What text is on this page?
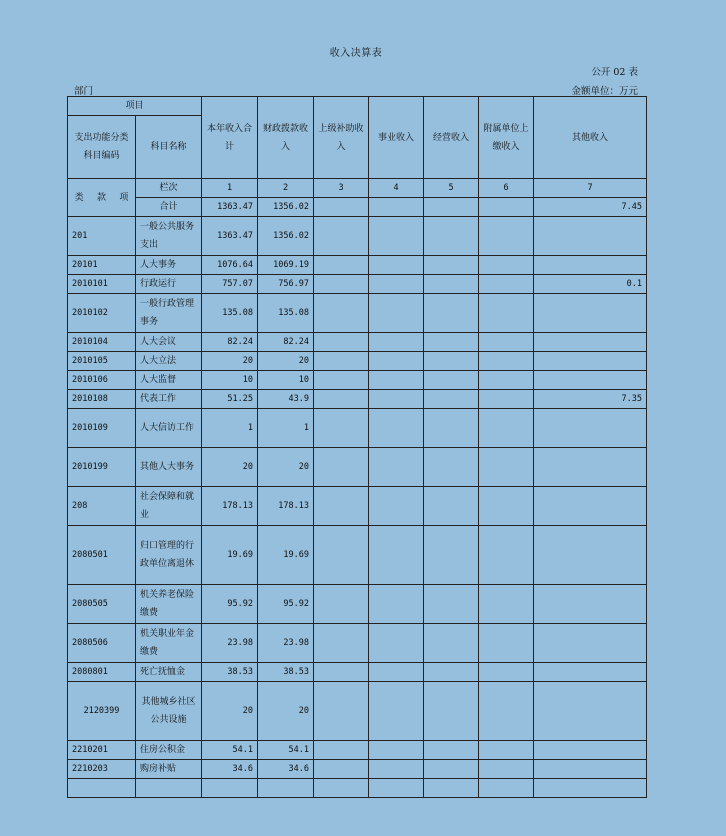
收入决算表
公开 02 表
部门	金额单位：万元
项目		本年收入合计	财政拨款收入	上级补助收入	事业收入	经营收入	附属单位上缴收入	其他收入
支出功能分类科目编码	科目名称							

类 款 项	栏次	1	2	3	4	5	6	7
	合计	1363.47	1356.02					7.45
201	一般公共服务支出	1363.47	1356.02					
20101	人大事务	1076.64	1069.19					
2010101	行政运行	757.07	756.97					0.1
2010102	一般行政管理事务	135.08	135.08					
2010104	人大会议	82.24	82.24					
2010105	人大立法	20	20					
2010106	人大监督	10	10					
2010108	代表工作	51.25	43.9					7.35
2010109	人大信访工作	1	1					
2010199	其他人大事务	20	20					
208	社会保障和就业	178.13	178.13					
2080501	归口管理的行政单位离退休	19.69	19.69					
2080505	机关养老保险缴费	95.92	95.92					
2080506	机关职业年金缴费	23.98	23.98					
2080801	死亡抚恤金	38.53	38.53					
2120399	其他城乡社区公共设施	20	20					
2210201	住房公积金	54.1	54.1					
2210203	购房补贴	34.6	34.6					
